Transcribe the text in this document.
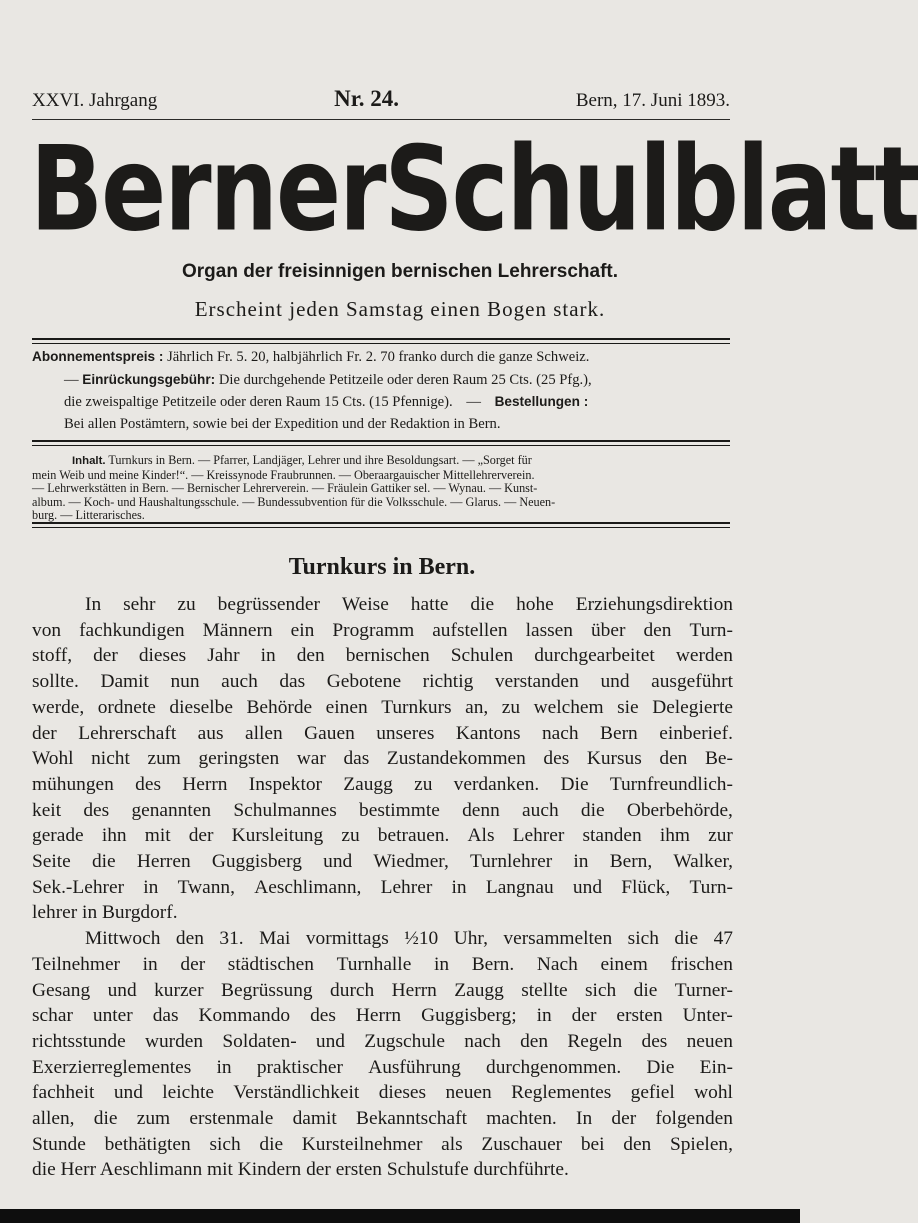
XXVI. Jahrgang	Nr. 24.	Bern, 17. Juni 1893.
Berner Schulblatt
Organ der freisinnigen bernischen Lehrerschaft.
Erscheint jeden Samstag einen Bogen stark.
Abonnementspreis : Jährlich Fr. 5. 20, halbjährlich Fr. 2. 70 franko durch die ganze Schweiz.
— Einrückungsgebühr: Die durchgehende Petitzeile oder deren Raum 25 Cts. (25 Pfg.),
die zweispaltige Petitzeile oder deren Raum 15 Cts. (15 Pfennige). — Bestellungen :
Bei allen Postämtern, sowie bei der Expedition und der Redaktion in Bern.
Inhalt. Turnkurs in Bern. — Pfarrer, Landjäger, Lehrer und ihre Besoldungsart. — „Sorget für
mein Weib und meine Kinder!“. — Kreissynode Fraubrunnen. — Oberaargauischer Mittellehrerverein.
— Lehrwerkstätten in Bern. — Bernischer Lehrerverein. — Fräulein Gattiker sel. — Wynau. — Kunst-
album. — Koch- und Haushaltungsschule. — Bundessubvention für die Volksschule. — Glarus. — Neuen-
burg. — Litterarisches.
Turnkurs in Bern.
In sehr zu begrüssender Weise hatte die hohe Erziehungsdirektion
von fachkundigen Männern ein Programm aufstellen lassen über den Turn-
stoff, der dieses Jahr in den bernischen Schulen durchgearbeitet werden
sollte. Damit nun auch das Gebotene richtig verstanden und ausgeführt
werde, ordnete dieselbe Behörde einen Turnkurs an, zu welchem sie Delegierte
der Lehrerschaft aus allen Gauen unseres Kantons nach Bern einberief.
Wohl nicht zum geringsten war das Zustandekommen des Kursus den Be-
mühungen des Herrn Inspektor Zaugg zu verdanken. Die Turnfreundlich-
keit des genannten Schulmannes bestimmte denn auch die Oberbehörde,
gerade ihn mit der Kursleitung zu betrauen. Als Lehrer standen ihm zur
Seite die Herren Guggisberg und Wiedmer, Turnlehrer in Bern, Walker,
Sek.-Lehrer in Twann, Aeschlimann, Lehrer in Langnau und Flück, Turn-
lehrer in Burgdorf.
Mittwoch den 31. Mai vormittags ½10 Uhr, versammelten sich die 47
Teilnehmer in der städtischen Turnhalle in Bern. Nach einem frischen
Gesang und kurzer Begrüssung durch Herrn Zaugg stellte sich die Turner-
schar unter das Kommando des Herrn Guggisberg; in der ersten Unter-
richtsstunde wurden Soldaten- und Zugschule nach den Regeln des neuen
Exerzierreglementes in praktischer Ausführung durchgenommen. Die Ein-
fachheit und leichte Verständlichkeit dieses neuen Reglementes gefiel wohl
allen, die zum erstenmale damit Bekanntschaft machten. In der folgenden
Stunde bethätigten sich die Kursteilnehmer als Zuschauer bei den Spielen,
die Herr Aeschlimann mit Kindern der ersten Schulstufe durchführte.
